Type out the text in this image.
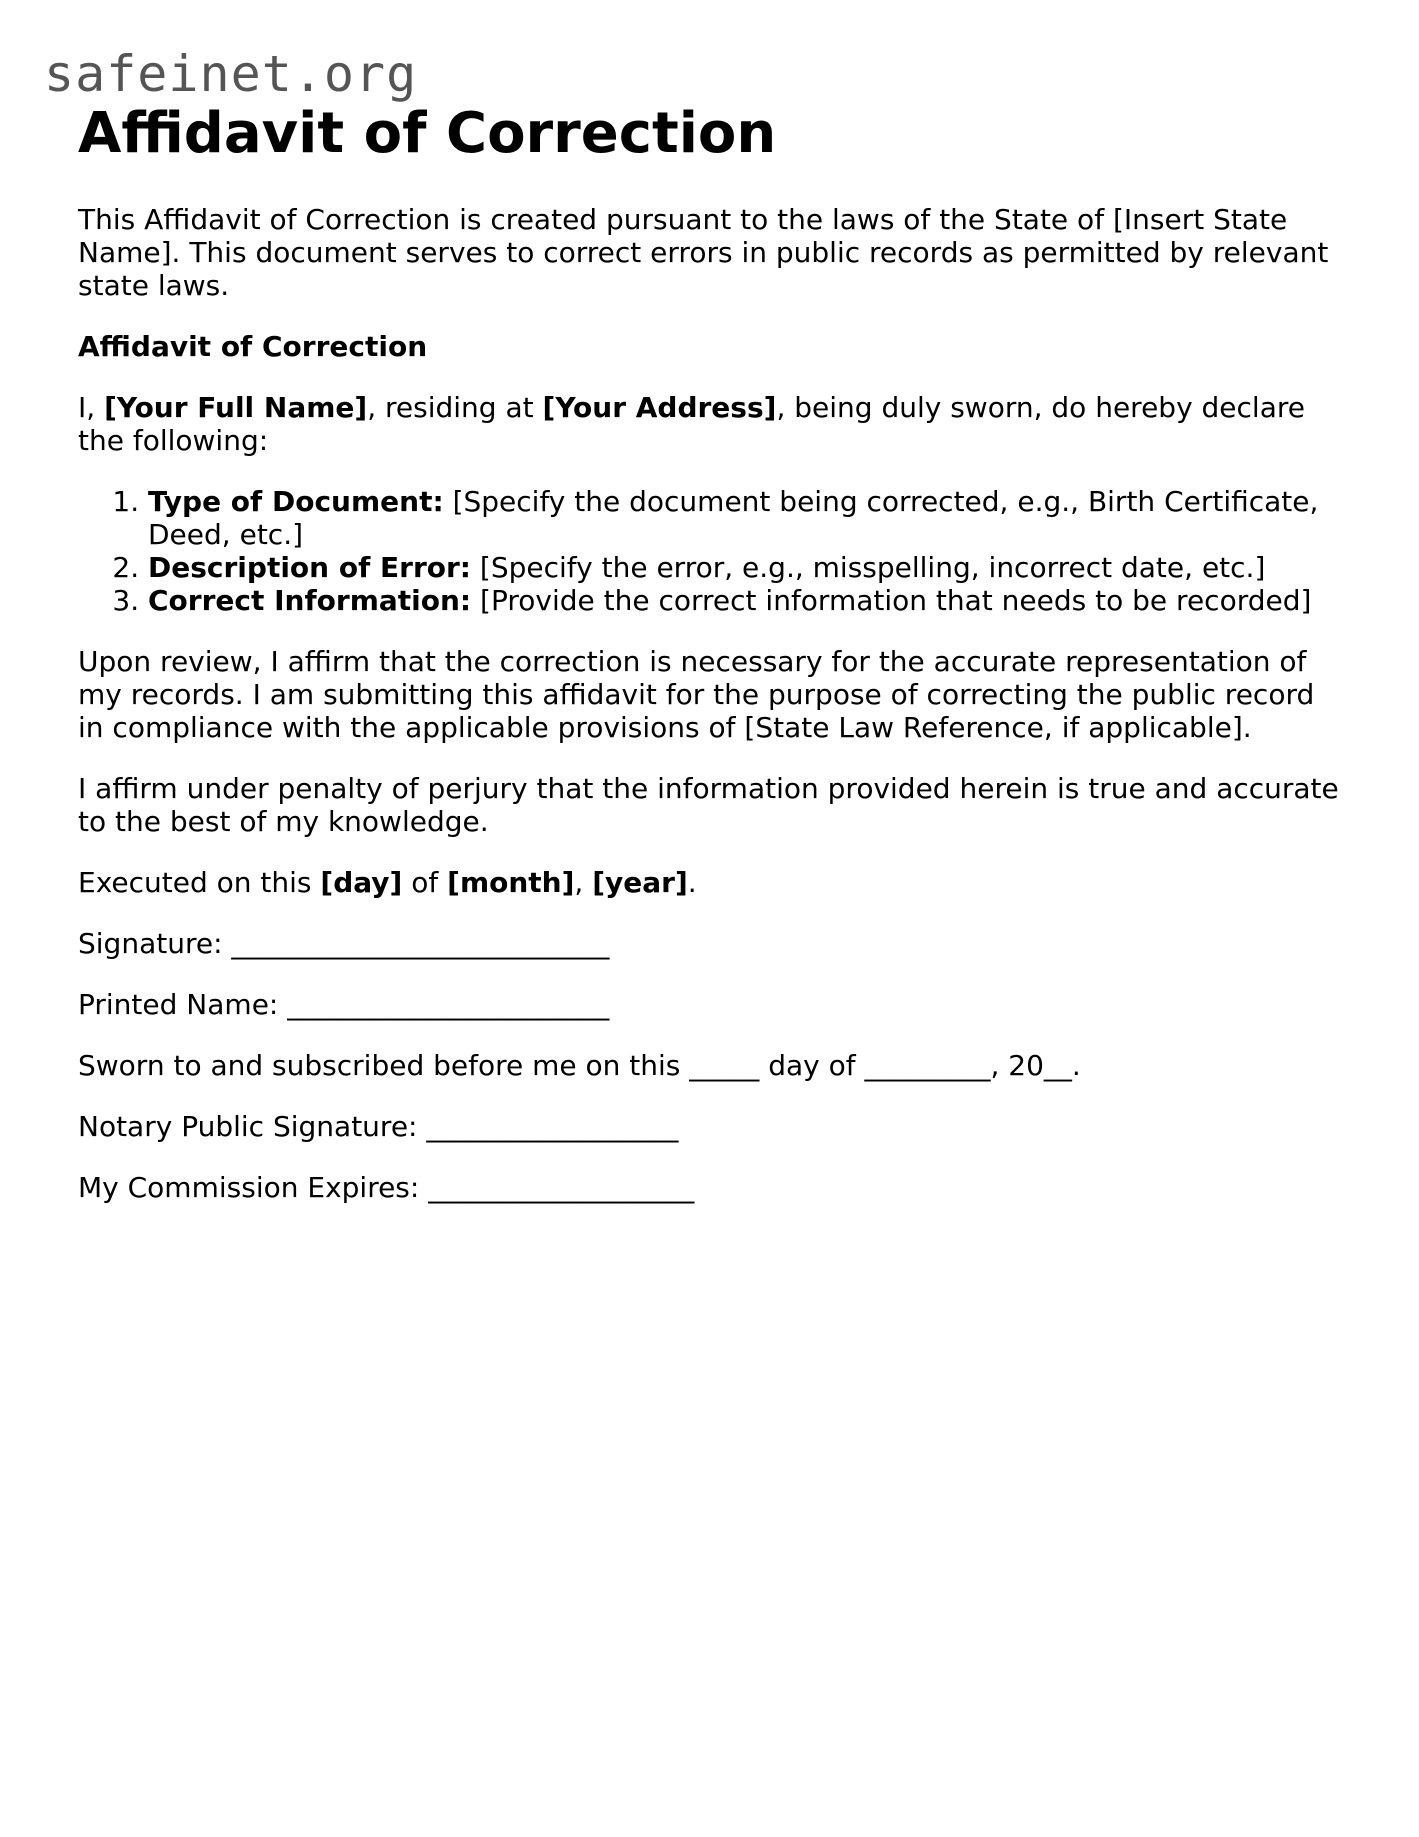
safeinet.org
Affidavit of Correction

This Affidavit of Correction is created pursuant to the laws of the State of [Insert State Name]. This document serves to correct errors in public records as permitted by relevant state laws.

Affidavit of Correction

I, [Your Full Name], residing at [Your Address], being duly sworn, do hereby declare the following:

1. Type of Document: [Specify the document being corrected, e.g., Birth Certificate, Deed, etc.]
2. Description of Error: [Specify the error, e.g., misspelling, incorrect date, etc.]
3. Correct Information: [Provide the correct information that needs to be recorded]

Upon review, I affirm that the correction is necessary for the accurate representation of my records. I am submitting this affidavit for the purpose of correcting the public record in compliance with the applicable provisions of [State Law Reference, if applicable].

I affirm under penalty of perjury that the information provided herein is true and accurate to the best of my knowledge.

Executed on this [day] of [month], [year].

Signature: ___________________________

Printed Name: _______________________

Sworn to and subscribed before me on this _____ day of _________, 20__.

Notary Public Signature: __________________

My Commission Expires: ___________________
